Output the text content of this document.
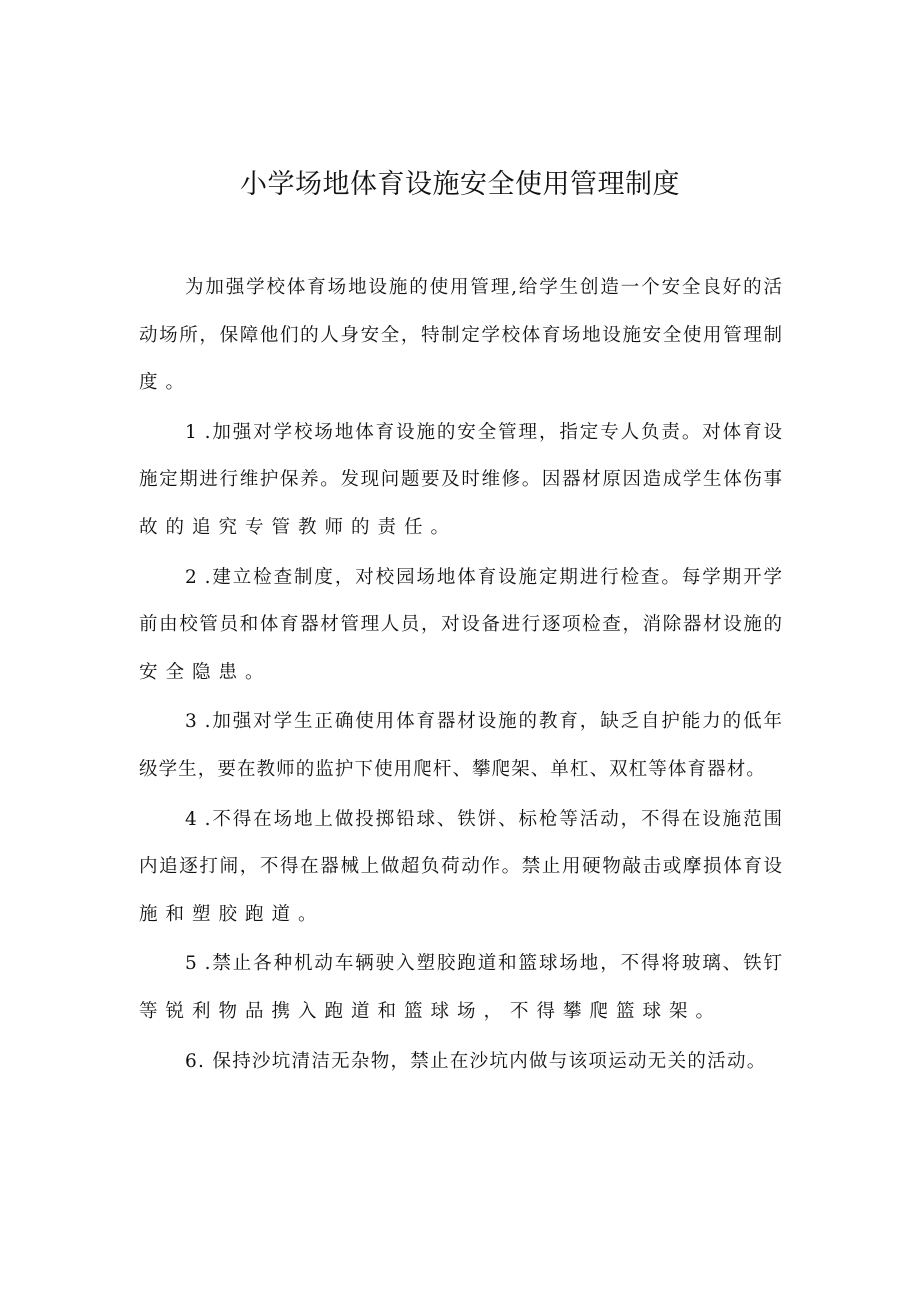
小学场地体育设施安全使用管理制度
为加强学校体育场地设施的使用管理,给学生创造一个安全良好的活
动场所，保障他们的人身安全，特制定学校体育场地设施安全使用管理制
度。
1 .加强对学校场地体育设施的安全管理，指定专人负责。对体育设
施定期进行维护保养。发现问题要及时维修。因器材原因造成学生体伤事
故的追究专管教师的责任。
2 .建立检查制度，对校园场地体育设施定期进行检查。每学期开学
前由校管员和体育器材管理人员，对设备进行逐项检查，消除器材设施的
安全隐患。
3 .加强对学生正确使用体育器材设施的教育，缺乏自护能力的低年
级学生，要在教师的监护下使用爬杆、攀爬架、单杠、双杠等体育器材。
4 .不得在场地上做投掷铅球、铁饼、标枪等活动，不得在设施范围
内追逐打闹，不得在器械上做超负荷动作。禁止用硬物敲击或摩损体育设
施和塑胶跑道。
5 .禁止各种机动车辆驶入塑胶跑道和篮球场地，不得将玻璃、铁钉
等锐利物品携入跑道和篮球场，不得攀爬篮球架。
6. 保持沙坑清洁无杂物，禁止在沙坑内做与该项运动无关的活动。
